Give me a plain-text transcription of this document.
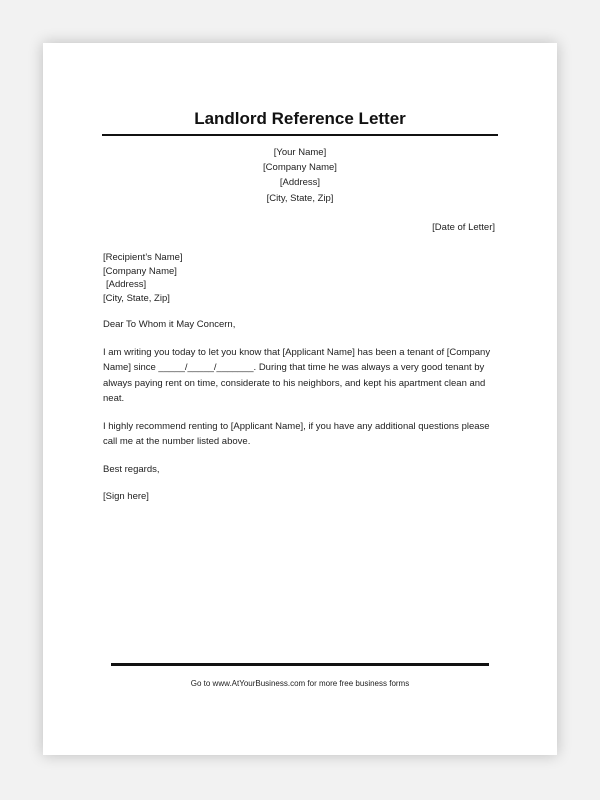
Landlord Reference Letter
[Your Name]
[Company Name]
[Address]
[City, State, Zip]
[Date of Letter]
[Recipient’s Name]
[Company Name]
[Address]
[City, State, Zip]

Dear To Whom it May Concern,

I am writing you today to let you know that [Applicant Name] has been a tenant of [Company Name] since _____/_____/_______. During that time he was always a very good tenant by always paying rent on time, considerate to his neighbors, and kept his apartment clean and neat.

I highly recommend renting to [Applicant Name], if you have any additional questions please call me at the number listed above.

Best regards,

[Sign here]

Go to www.AtYourBusiness.com for more free business forms
